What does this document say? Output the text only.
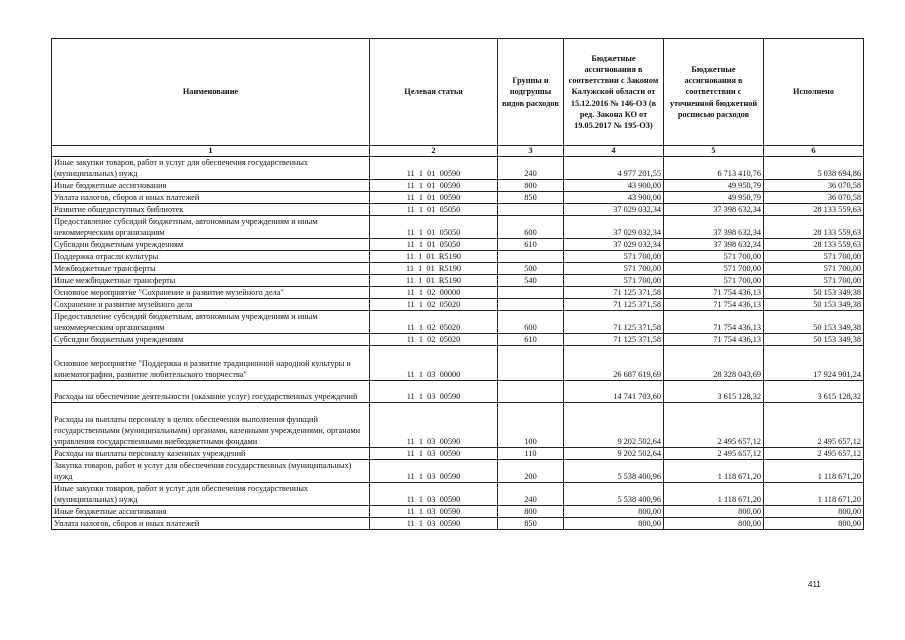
Наименование	Целевая статья	Группы и подгруппы видов расходов	Бюджетные ассигнования в соответствии с Законом Калужской области от 15.12.2016 № 146-ОЗ (в ред. Закона КО от 19.05.2017 № 195-ОЗ)	Бюджетные ассигнования в соответствии с уточненной бюджетной росписью расходов	Исполнено
1	2	3	4	5	6
Иные закупки товаров, работ и услуг для обеспечения государственных (муниципальных) нужд	11  1  01  00590	240	4 977 201,55	6 713 410,76	5 038 694,86
Иные бюджетные ассигнования	11  1  01  00590	800	43 900,00	49 950,79	36 070,58
Уплата налогов, сборов и иных платежей	11  1  01  00590	850	43 900,00	49 950,79	36 070,58
Развитие общедоступных библиотек	11  1  01  05050		37 029 032,34	37 398 632,34	28 133 559,63
Предоставление субсидий бюджетным, автономным учреждениям и иным некоммерческим организациям	11  1  01  05050	600	37 029 032,34	37 398 632,34	28 133 559,63
Субсидии бюджетным учреждениям	11  1  01  05050	610	37 029 032,34	37 398 632,34	28 133 559,63
Поддержка отрасли культуры	11  1  01  R5190		571 700,00	571 700,00	571 700,00
Межбюджетные трансферты	11  1  01  R5190	500	571 700,00	571 700,00	571 700,00
Иные межбюджетные трансферты	11  1  01  R5190	540	571 700,00	571 700,00	571 700,00
Основное мероприятие "Сохранение и развитие музейного дела"	11  1  02  00000		71 125 371,58	71 754 436,13	50 153 349,38
Сохранение и развитие музейного дела	11  1  02  05020		71 125 371,58	71 754 436,13	50 153 349,38
Предоставление субсидий бюджетным, автономным учреждениям и иным некоммерческим организациям	11  1  02  05020	600	71 125 371,58	71 754 436,13	50 153 349,38
Субсидии бюджетным учреждениям	11  1  02  05020	610	71 125 371,58	71 754 436,13	50 153 349,38
Основное мероприятие "Поддержка и развитие традиционной народной культуры и кинематографии, развитие любительского творчества"	11  1  03  00000		26 687 619,69	28 328 043,69	17 924 901,24
Расходы на обеспечение деятельности (оказание услуг) государственных учреждений	11  1  03  00590		14 741 703,60	3 615 128,32	3 615 128,32
Расходы на выплаты персоналу в целях обеспечения выполнения функций государственными (муниципальными) органами, казенными учреждениями, органами управления государственными внебюджетными фондами	11  1  03  00590	100	9 202 502,64	2 495 657,12	2 495 657,12
Расходы на выплаты персоналу казенных учреждений	11  1  03  00590	110	9 202 502,64	2 495 657,12	2 495 657,12
Закупка товаров, работ и услуг для обеспечения государственных (муниципальных) нужд	11  1  03  00590	200	5 538 400,96	1 118 671,20	1 118 671,20
Иные закупки товаров, работ и услуг для обеспечения государственных (муниципальных) нужд	11  1  03  00590	240	5 538 400,96	1 118 671,20	1 118 671,20
Иные бюджетные ассигнования	11  1  03  00590	800	800,00	800,00	800,00
Уплата налогов, сборов и иных платежей	11  1  03  00590	850	800,00	800,00	800,00
411
